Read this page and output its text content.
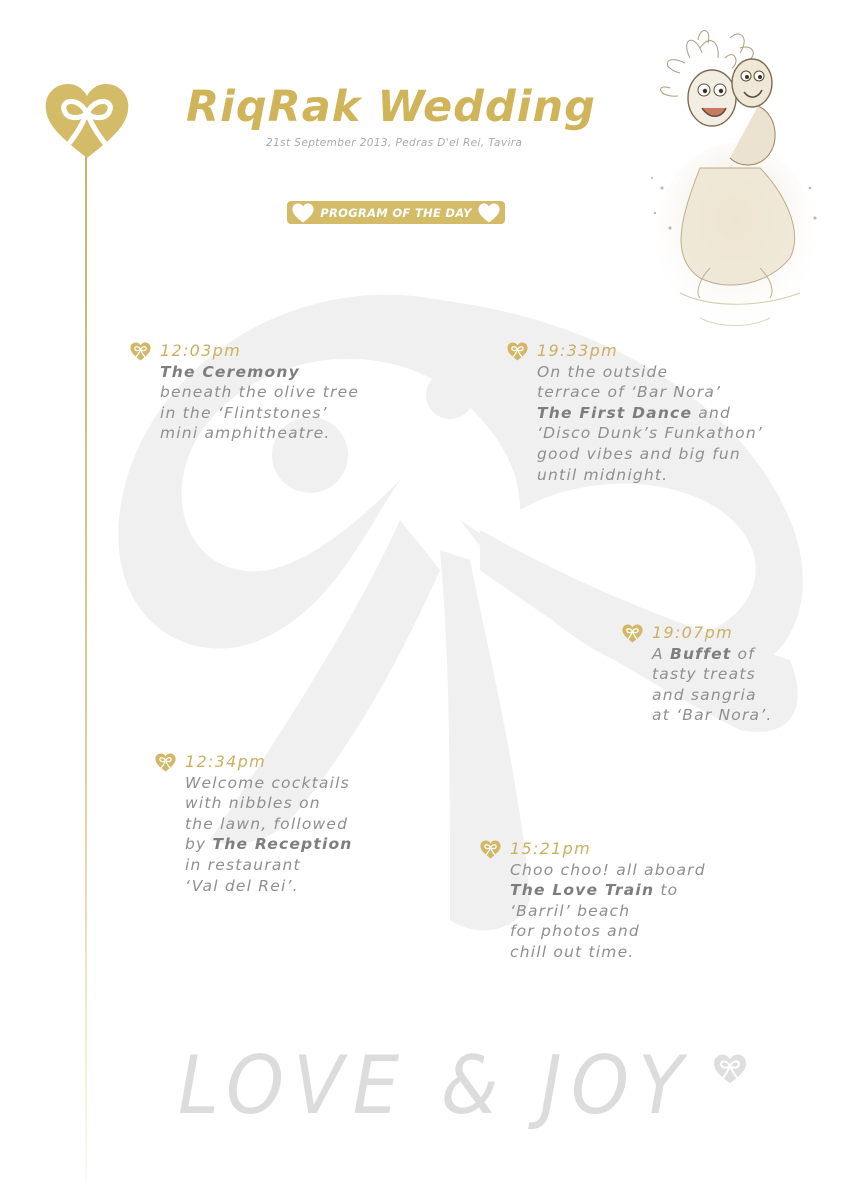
RiqRak Wedding
21st September 2013, Pedras D'el Rei, Tavira
PROGRAM OF THE DAY
12:03pm
The Ceremony
beneath the olive tree
in the ‘Flintstones’
mini amphitheatre.
19:33pm
On the outside
terrace of ‘Bar Nora’
The First Dance and
‘Disco Dunk’s Funkathon’
good vibes and big fun
until midnight.
19:07pm
A Buffet of
tasty treats
and sangria
at ‘Bar Nora’.
12:34pm
Welcome cocktails
with nibbles on
the lawn, followed
by The Reception
in restaurant
‘Val del Rei’.
15:21pm
Choo choo! all aboard
The Love Train to
‘Barril’ beach
for photos and
chill out time.
LOVE & JOY
